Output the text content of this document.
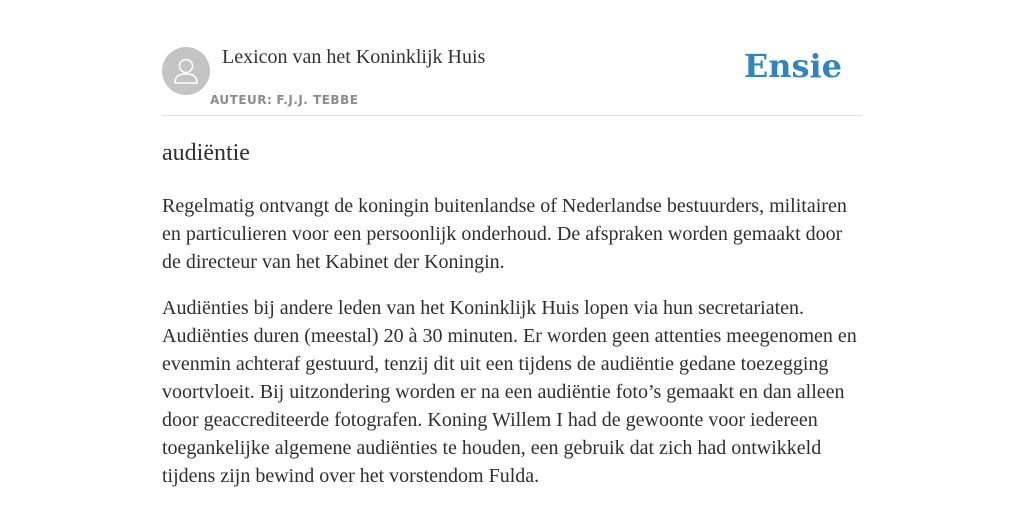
Lexicon van het Koninklijk Huis
AUTEUR: F.J.J. TEBBE
Ensie
audiëntie

Regelmatig ontvangt de koningin buitenlandse of Nederlandse bestuurders, militairen en particulieren voor een persoonlijk onderhoud. De afspraken worden gemaakt door de directeur van het Kabinet der Koningin.

Audiënties bij andere leden van het Koninklijk Huis lopen via hun secretariaten. Audiënties duren (meestal) 20 à 30 minuten. Er worden geen attenties meegenomen en evenmin achteraf gestuurd, tenzij dit uit een tijdens de audiëntie gedane toezegging voortvloeit. Bij uitzondering worden er na een audiëntie foto’s gemaakt en dan alleen door geaccrediteerde fotografen. Koning Willem I had de gewoonte voor iedereen toegankelijke algemene audiënties te houden, een gebruik dat zich had ontwikkeld tijdens zijn bewind over het vorstendom Fulda.
